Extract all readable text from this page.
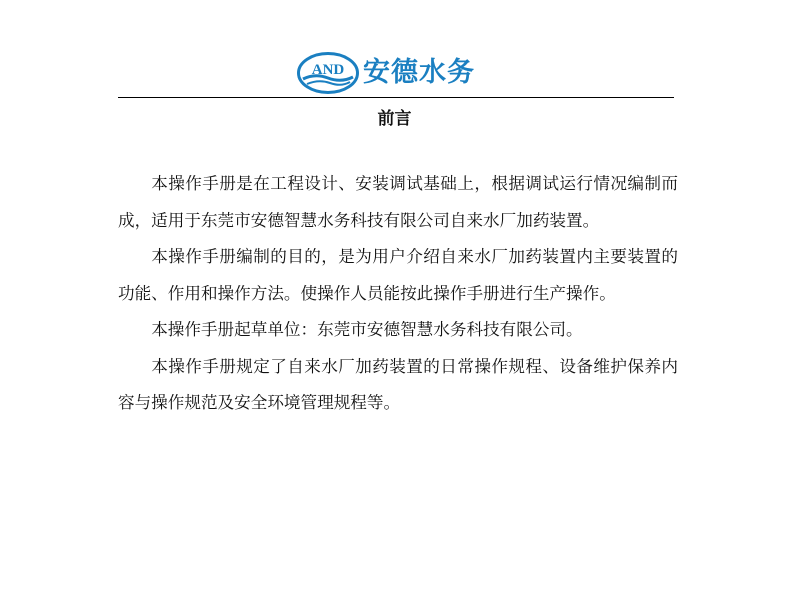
AND 安德水务
前言

本操作手册是在工程设计、安装调试基础上，根据调试运行情况编制而成，适用于东莞市安德智慧水务科技有限公司自来水厂加药装置。

本操作手册编制的目的，是为用户介绍自来水厂加药装置内主要装置的功能、作用和操作方法。使操作人员能按此操作手册进行生产操作。

本操作手册起草单位：东莞市安德智慧水务科技有限公司。

本操作手册规定了自来水厂加药装置的日常操作规程、设备维护保养内容与操作规范及安全环境管理规程等。
